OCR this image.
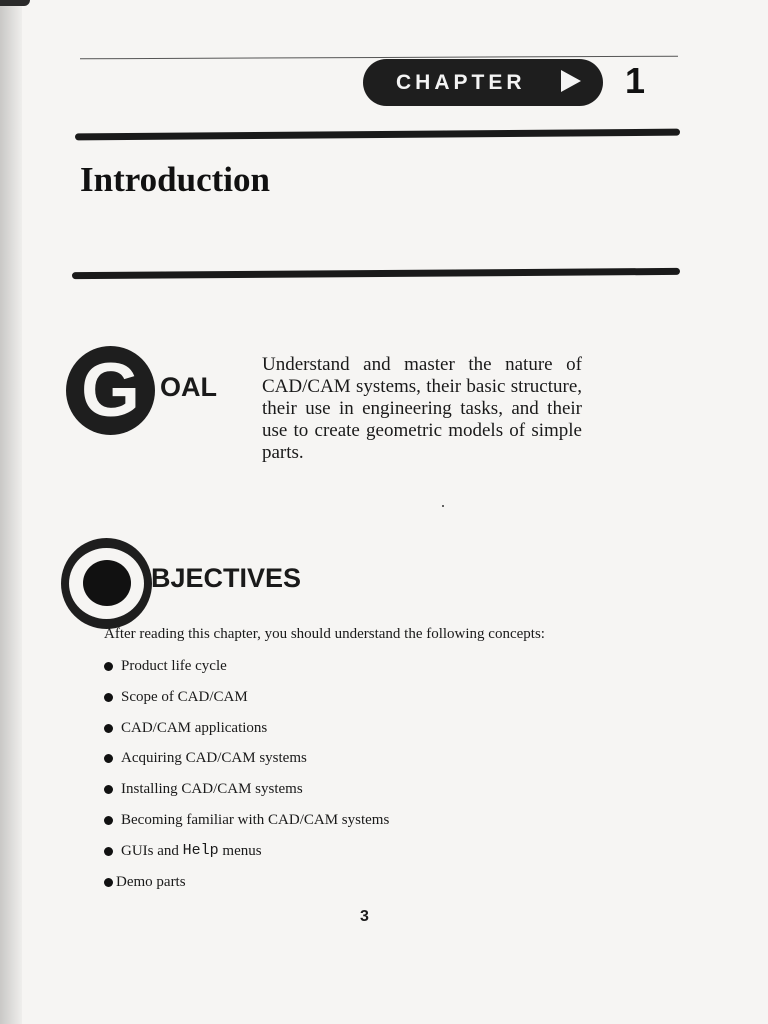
CHAPTER	1
Introduction
G OAL

Understand and master the nature of CAD/CAM systems, their basic structure, their use in engineering tasks, and their use to create geometric models of simple parts.

BJECTIVES
After reading this chapter, you should understand the following concepts:
Product life cycle
Scope of CAD/CAM
CAD/CAM applications
Acquiring CAD/CAM systems
Installing CAD/CAM systems
Becoming familiar with CAD/CAM systems
GUIs and Help menus
Demo parts
3
